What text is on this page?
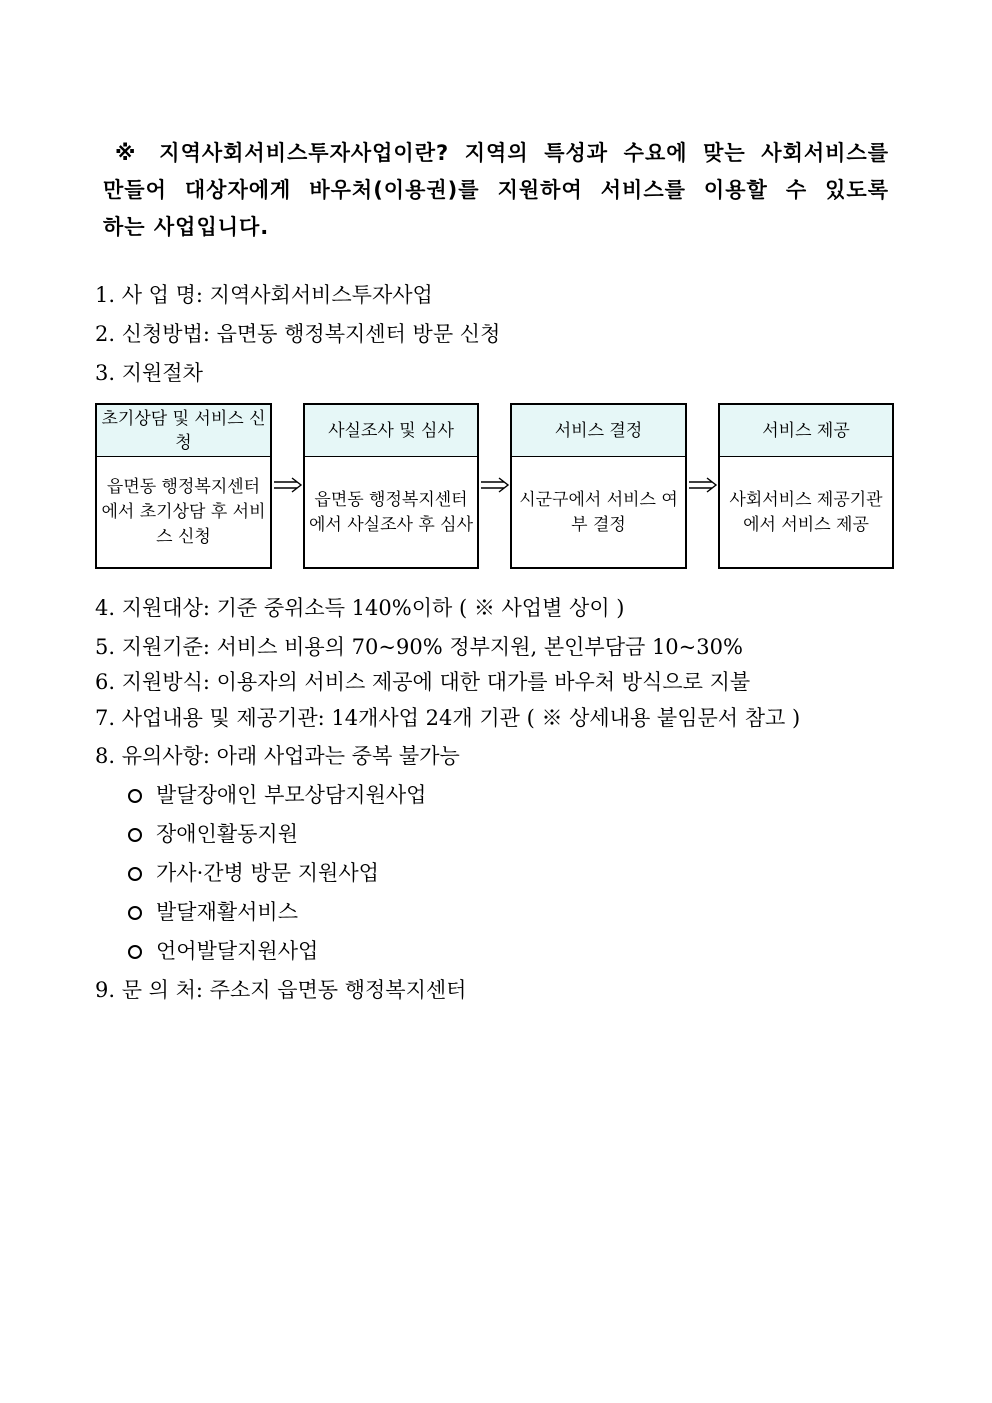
※ 지역사회서비스투자사업이란? 지역의 특성과 수요에 맞는 사회서비스를
만들어 대상자에게 바우처(이용권)를 지원하여 서비스를 이용할 수 있도록
하는 사업입니다.
1. 사 업 명: 지역사회서비스투자사업
2. 신청방법: 읍면동 행정복지센터 방문 신청
3. 지원절차
4. 지원대상: 기준 중위소득 140%이하 ( ※ 사업별 상이 )
5. 지원기준: 서비스 비용의 70~90% 정부지원, 본인부담금 10~30%
6. 지원방식: 이용자의 서비스 제공에 대한 대가를 바우처 방식으로 지불
7. 사업내용 및 제공기관: 14개사업 24개 기관 ( ※ 상세내용 붙임문서 참고 )
8. 유의사항: 아래 사업과는 중복 불가능
발달장애인 부모상담지원사업
장애인활동지원
가사·간병 방문 지원사업
발달재활서비스
언어발달지원사업
9. 문 의 처: 주소지 읍면동 행정복지센터
초기상담 및 서비스 신청
읍면동 행정복지센터에서 초기상담 후 서비스 신청
사실조사 및 심사
읍면동 행정복지센터에서 사실조사 후 심사
서비스 결정
시군구에서 서비스 여부 결정
서비스 제공
사회서비스 제공기관에서 서비스 제공
